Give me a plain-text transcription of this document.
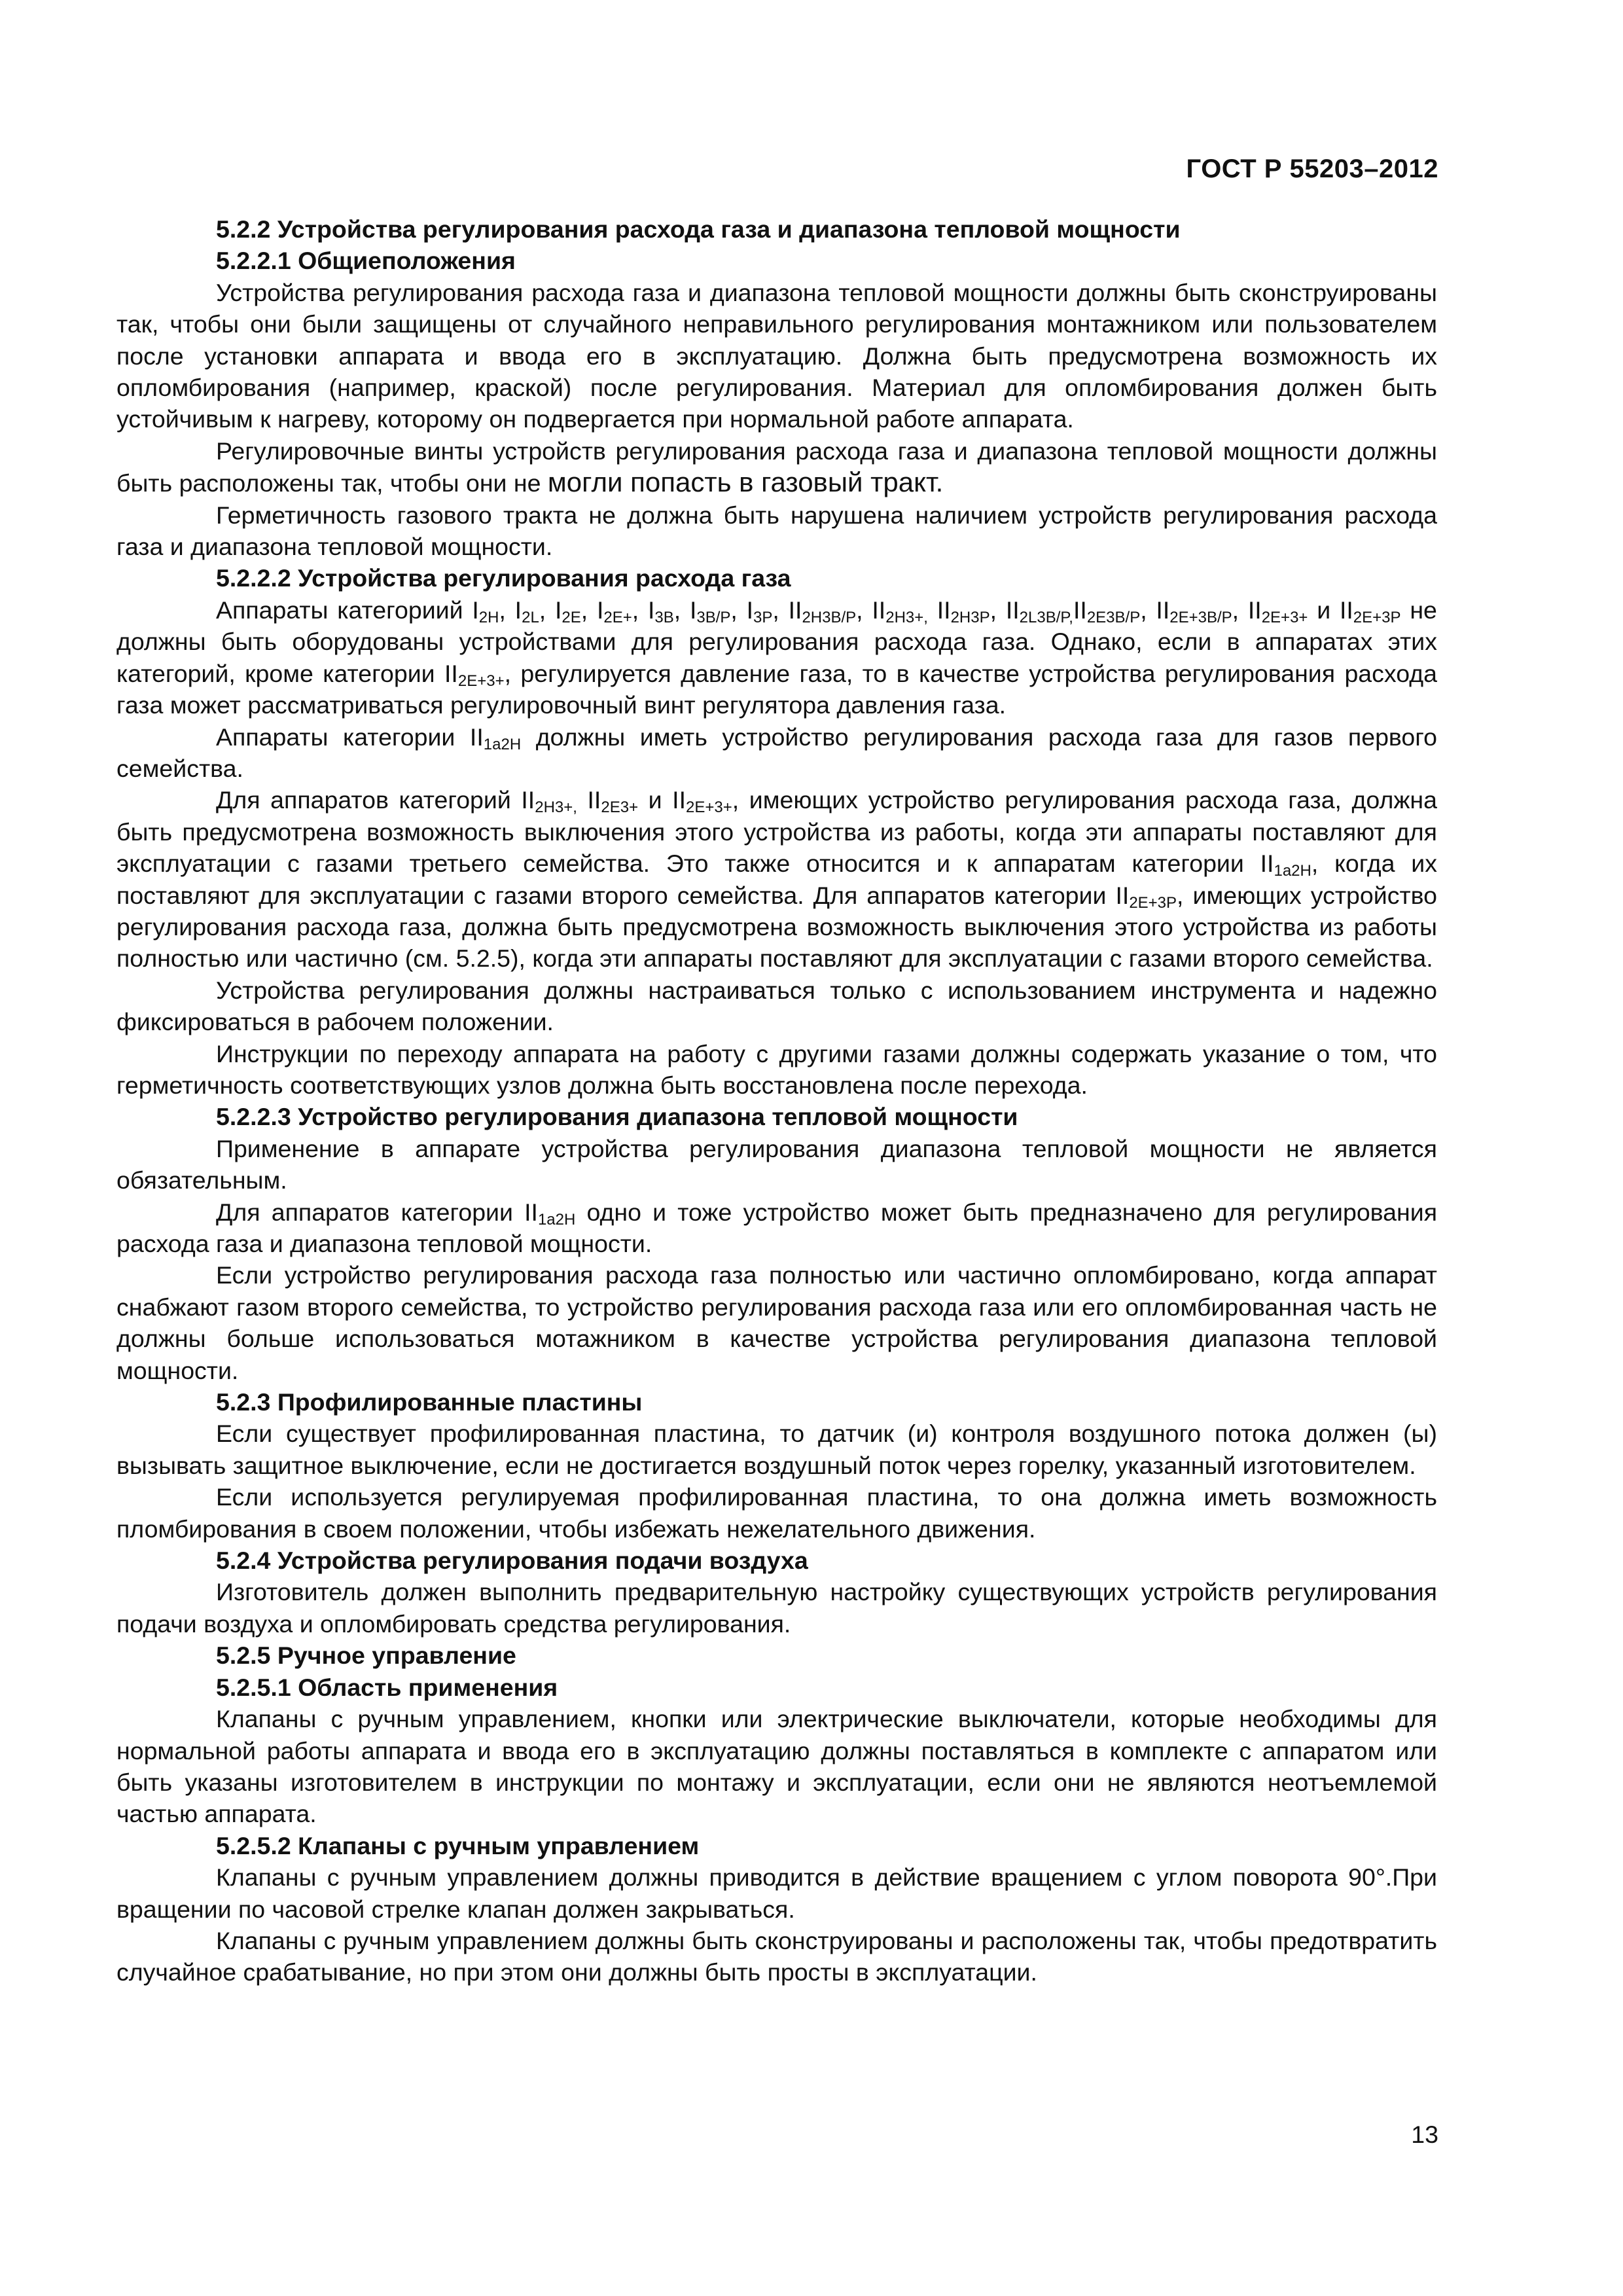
ГОСТ Р 55203–2012
5.2.2 Устройства регулирования расхода газа и диапазона тепловой мощности
5.2.2.1 Общиеположения

Устройства регулирования расхода газа и диапазона тепловой мощности должны быть сконструированы так, чтобы они были защищены от случайного неправильного регулирования монтажником или пользователем после установки аппарата и ввода его в эксплуатацию. Должна быть предусмотрена возможность их опломбирования (например, краской) после регулирования. Материал для опломбирования должен быть устойчивым к нагреву, которому он подвергается при нормальной работе аппарата.

Регулировочные винты устройств регулирования расхода газа и диапазона тепловой мощности должны быть расположены так, чтобы они не могли попасть в газовый тракт.

Герметичность газового тракта не должна быть нарушена наличием устройств регулирования расхода газа и диапазона тепловой мощности.

5.2.2.2 Устройства регулирования расхода газа

Аппараты категориий $I_{2H}$, $I_{2L}$, $I_{2E}$, $I_{2E+}$, $I_{3B}$, $I_{3B/P}$, $I_{3P}$, $II_{2H3B/P}$, $II_{2H3+,}$ $II_{2H3P}$, $II_{2L3B/P,}II_{2E3B/P}$, $II_{2E+3B/P}$, $II_{2E+3+}$ и $II_{2E+3P}$ не должны быть оборудованы устройствами для регулирования расхода газа. Однако, если в аппаратах этих категорий, кроме категории $II_{2E+3+}$, регулируется давление газа, то в качестве устройства регулирования расхода газа может рассматриваться регулировочный винт регулятора давления газа.

Аппараты категории $II_{1a2H}$ должны иметь устройство регулирования расхода газа для газов первого семейства.

Для аппаратов категорий $II_{2H3+,}$ $II_{2E3+}$ и $II_{2E+3+}$, имеющих устройство регулирования расхода газа, должна быть предусмотрена возможность выключения этого устройства из работы, когда эти аппараты поставляют для эксплуатации с газами третьего семейства. Это также относится и к аппаратам категории $II_{1a2H}$, когда их поставляют для эксплуатации с газами второго семейства. Для аппаратов категории $II_{2E+3P}$, имеющих устройство регулирования расхода газа, должна быть предусмотрена возможность выключения этого устройства из работы полностью или частично (см. 5.2.5), когда эти аппараты поставляют для эксплуатации с газами второго семейства.

Устройства регулирования должны настраиваться только с использованием инструмента и надежно фиксироваться в рабочем положении.

Инструкции по переходу аппарата на работу с другими газами должны содержать указание о том, что герметичность соответствующих узлов должна быть восстановлена после перехода.

5.2.2.3 Устройство регулирования диапазона тепловой мощности

Применение в аппарате устройства регулирования диапазона тепловой мощности не является обязательным.

Для аппаратов категории $II_{1a2H}$ одно и тоже устройство может быть предназначено для регулирования расхода газа и диапазона тепловой мощности.

Если устройство регулирования расхода газа полностью или частично опломбировано, когда аппарат снабжают газом второго семейства, то устройство регулирования расхода газа или его опломбированная часть не должны больше использоваться мотажником в качестве устройства регулирования диапазона тепловой мощности.

5.2.3 Профилированные пластины

Если существует профилированная пластина, то датчик (и) контроля воздушного потока должен (ы) вызывать защитное выключение, если не достигается воздушный поток через горелку, указанный изготовителем.

Если используется регулируемая профилированная пластина, то она должна иметь возможность пломбирования в своем положении, чтобы избежать нежелательного движения.

5.2.4 Устройства регулирования подачи воздуха

Изготовитель должен выполнить предварительную настройку существующих устройств регулирования подачи воздуха и опломбировать средства регулирования.

5.2.5 Ручное управление
5.2.5.1 Область применения

Клапаны с ручным управлением, кнопки или электрические выключатели, которые необходимы для нормальной работы аппарата и ввода его в эксплуатацию должны поставляться в комплекте с аппаратом или быть указаны изготовителем в инструкции по монтажу и эксплуатации, если они не являются неотъемлемой частью аппарата.

5.2.5.2 Клапаны с ручным управлением

Клапаны с ручным управлением должны приводится в действие вращением с углом поворота 90°.При вращении по часовой стрелке клапан должен закрываться.

Клапаны с ручным управлением должны быть сконструированы и расположены так, чтобы предотвратить случайное срабатывание, но при этом они должны быть просты в эксплуатации.

13
